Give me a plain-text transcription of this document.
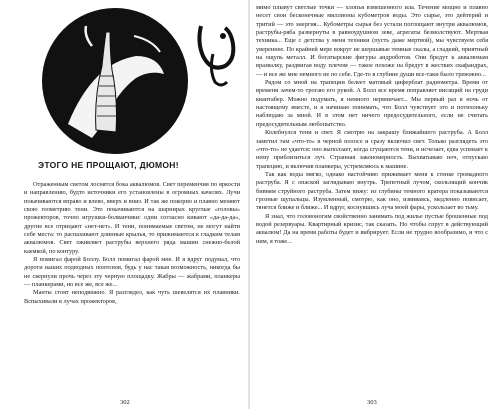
ЭТОГО НЕ ПРОЩАЮТ, ДЮМОН!

Отраженным светом лоснятся бока аквалюмов. Свет переменчив по яркости и направлению, будто источники его установлены в огромных качелях. Лучи покачиваются вправо и влево, вверх и вниз. И так же покорно и плавно меняют свою геометрию тени. Это покачиваются на шарнирах круглые «головы» прожекторов, точно игрушки-болванчики: одни согласно кивают «да-да-да», другие все отрицают «нет-нет». И тени, понимаемые светом, не могут найти себе места: то распахивают длинные крылья, то прижимаются к гладким телам аквалюмов. Свет оживляет раструбы верхнего ряда машин снежно-белой каемкой, по контуру.

Я помигал фарой Боллу. Болл помигал фарой мне. И я вдруг подумал, что дороги наших подводных понтонов, будь у нас такая возможность, никогда бы не свернули прочь через эту черную площадку. Жабры — жабрами, планкеры — планкерами, но все же, все же...

Манты стоят неподвижно. Я разглядел, как чуть шевелятся их плавники. Вспыхивали в лучах прожекторов,

302

мимо плывут светлые точки — хлопья взмешенного ила. Течение мощно и плавно несет свои бесконечные миллионы кубометров воды. Это сырье, это дейтерий и тритий — это энергия... Кубометры сырья без устали поглощают внутри аквалюмов, раструбы-ряба развернуты в равноудушном зеве, агрегаты безмолствуют. Мертвая техника... Еще с детства у меня техники (пусть даже мертвой), мы чувствуем себя увереннее. По крайней мере вокруг не шершавые темные скалы, а гладкий, приятный на ощупь металл. И богатырские фигуры андроботов. Они бредут к аквалюмам вразвалку, раздвигая воду плечом — такое похоже на бредут в жестких скафандрах, — и все же мне немного не по себе. Где-то в глубине души все-таки было тревожно...

Рядом со мной на трапеции белеет матовый циферблат радиометра. Время от времени зачем-то трогаю его рукой. А Болл все время поправляет висящий на груди квантабер. Можно подумать, я немного нервничает... Мы первый раз в ночь от настоящему вместе, и я начинаю понимать, что Болл чувствует это и потихоньку наблюдаю за мной. И в этом нет ничего предосудительного, если не считать предосудительным любопытство.

Колебнулся тени и свет. Я смотрю на закрашу ближайшего раструба. А Болл заметил там «что-то» в черной полосе и сразу включил свет. Только разглядеть это «что-то» не удается: оно выползает, когда сгущаются тени, и исчезает, едва успевает к нему приблизиться луч. Странная закономерность. Выхватываю ноч, отпускаю трапецию, и включив планкеры, устремляюсь к машине.

Так как воды мягко, однако настойчиво прижимает меня к стенке громадного раструба. Я с опаской заглядываю внутрь. Трепетный лучом, скользящий кончик бивням струйного раструба. Затем вижу: из глубины темного кратера показываются грозные щупальцы. Изумленный, смотрю, как оно, извиваясь, медленно повисает, тянется ближе и ближе... И вдруг, коснувшись луча моей фары, ускользает во тьму.

Я знал, что головоногим свойственно занимать под жилье пустые брошенные под водой резервуары. Квартирный кризис, так сказать. Но чтобы спрут в действующий аквалюм! Да на время работы будет и вибрирует. Если не трудно вообразимо, и что с ним, я тоже...

303
